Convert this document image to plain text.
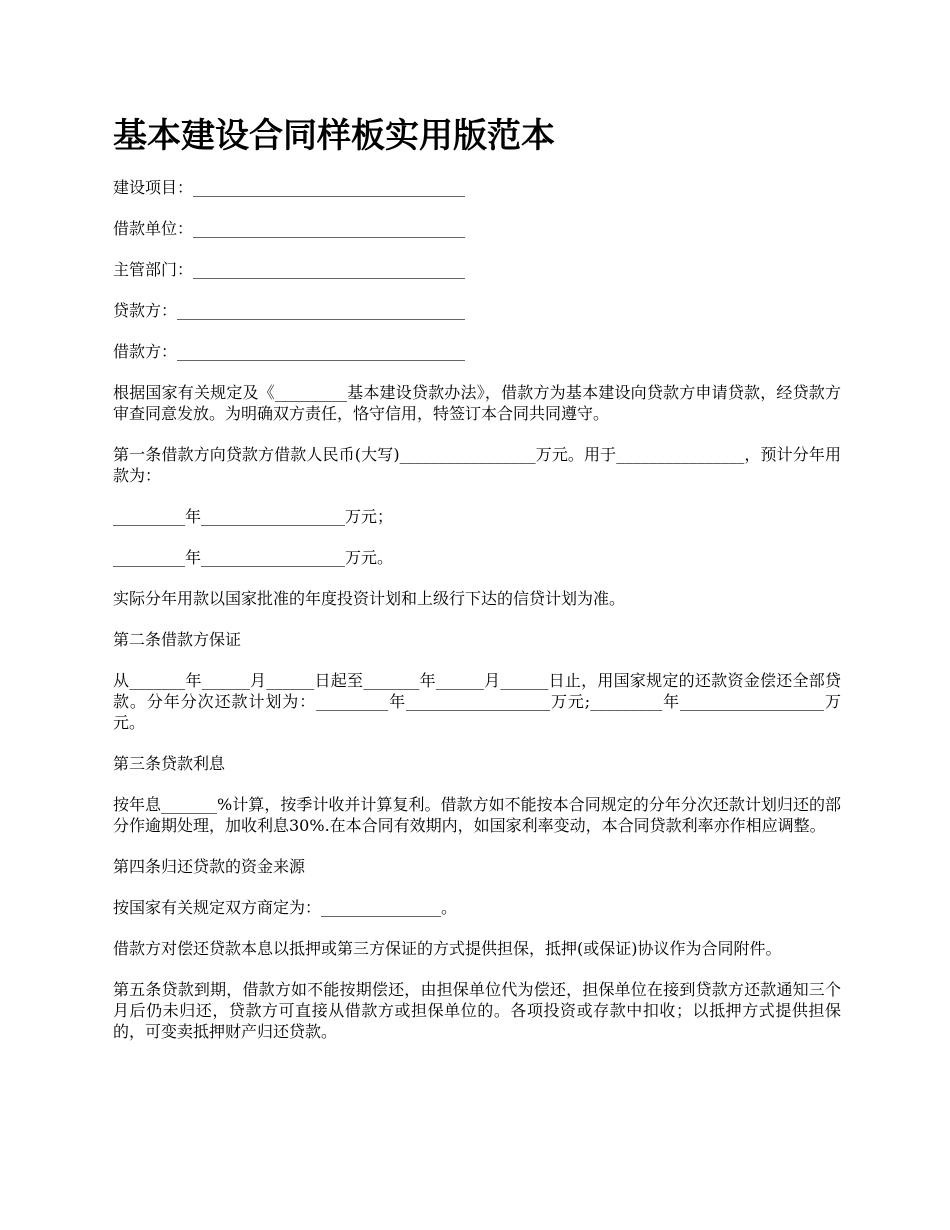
基本建设合同样板实用版范本
建设项目：__________________________________
借款单位：__________________________________
主管部门：__________________________________
贷款方：____________________________________
借款方：____________________________________
根据国家有关规定及《_________基本建设贷款办法》，借款方为基本建设向贷款方申请贷款，经贷款方审查同意发放。为明确双方责任，恪守信用，特签订本合同共同遵守。
第一条借款方向贷款方借款人民币(大写)_________________万元。用于________________，预计分年用款为：
_________年__________________万元；
_________年__________________万元。
实际分年用款以国家批准的年度投资计划和上级行下达的信贷计划为准。
第二条借款方保证
从_______年______月______日起至_______年______月______日止，用国家规定的还款资金偿还全部贷款。分年分次还款计划为：_________年__________________万元;_________年__________________万元。
第三条贷款利息
按年息_______%计算，按季计收并计算复利。借款方如不能按本合同规定的分年分次还款计划归还的部分作逾期处理，加收利息30%.在本合同有效期内，如国家利率变动，本合同贷款利率亦作相应调整。
第四条归还贷款的资金来源
按国家有关规定双方商定为：_______________。
借款方对偿还贷款本息以抵押或第三方保证的方式提供担保，抵押(或保证)协议作为合同附件。
第五条贷款到期，借款方如不能按期偿还，由担保单位代为偿还，担保单位在接到贷款方还款通知三个月后仍未归还，贷款方可直接从借款方或担保单位的。各项投资或存款中扣收；以抵押方式提供担保的，可变卖抵押财产归还贷款。
